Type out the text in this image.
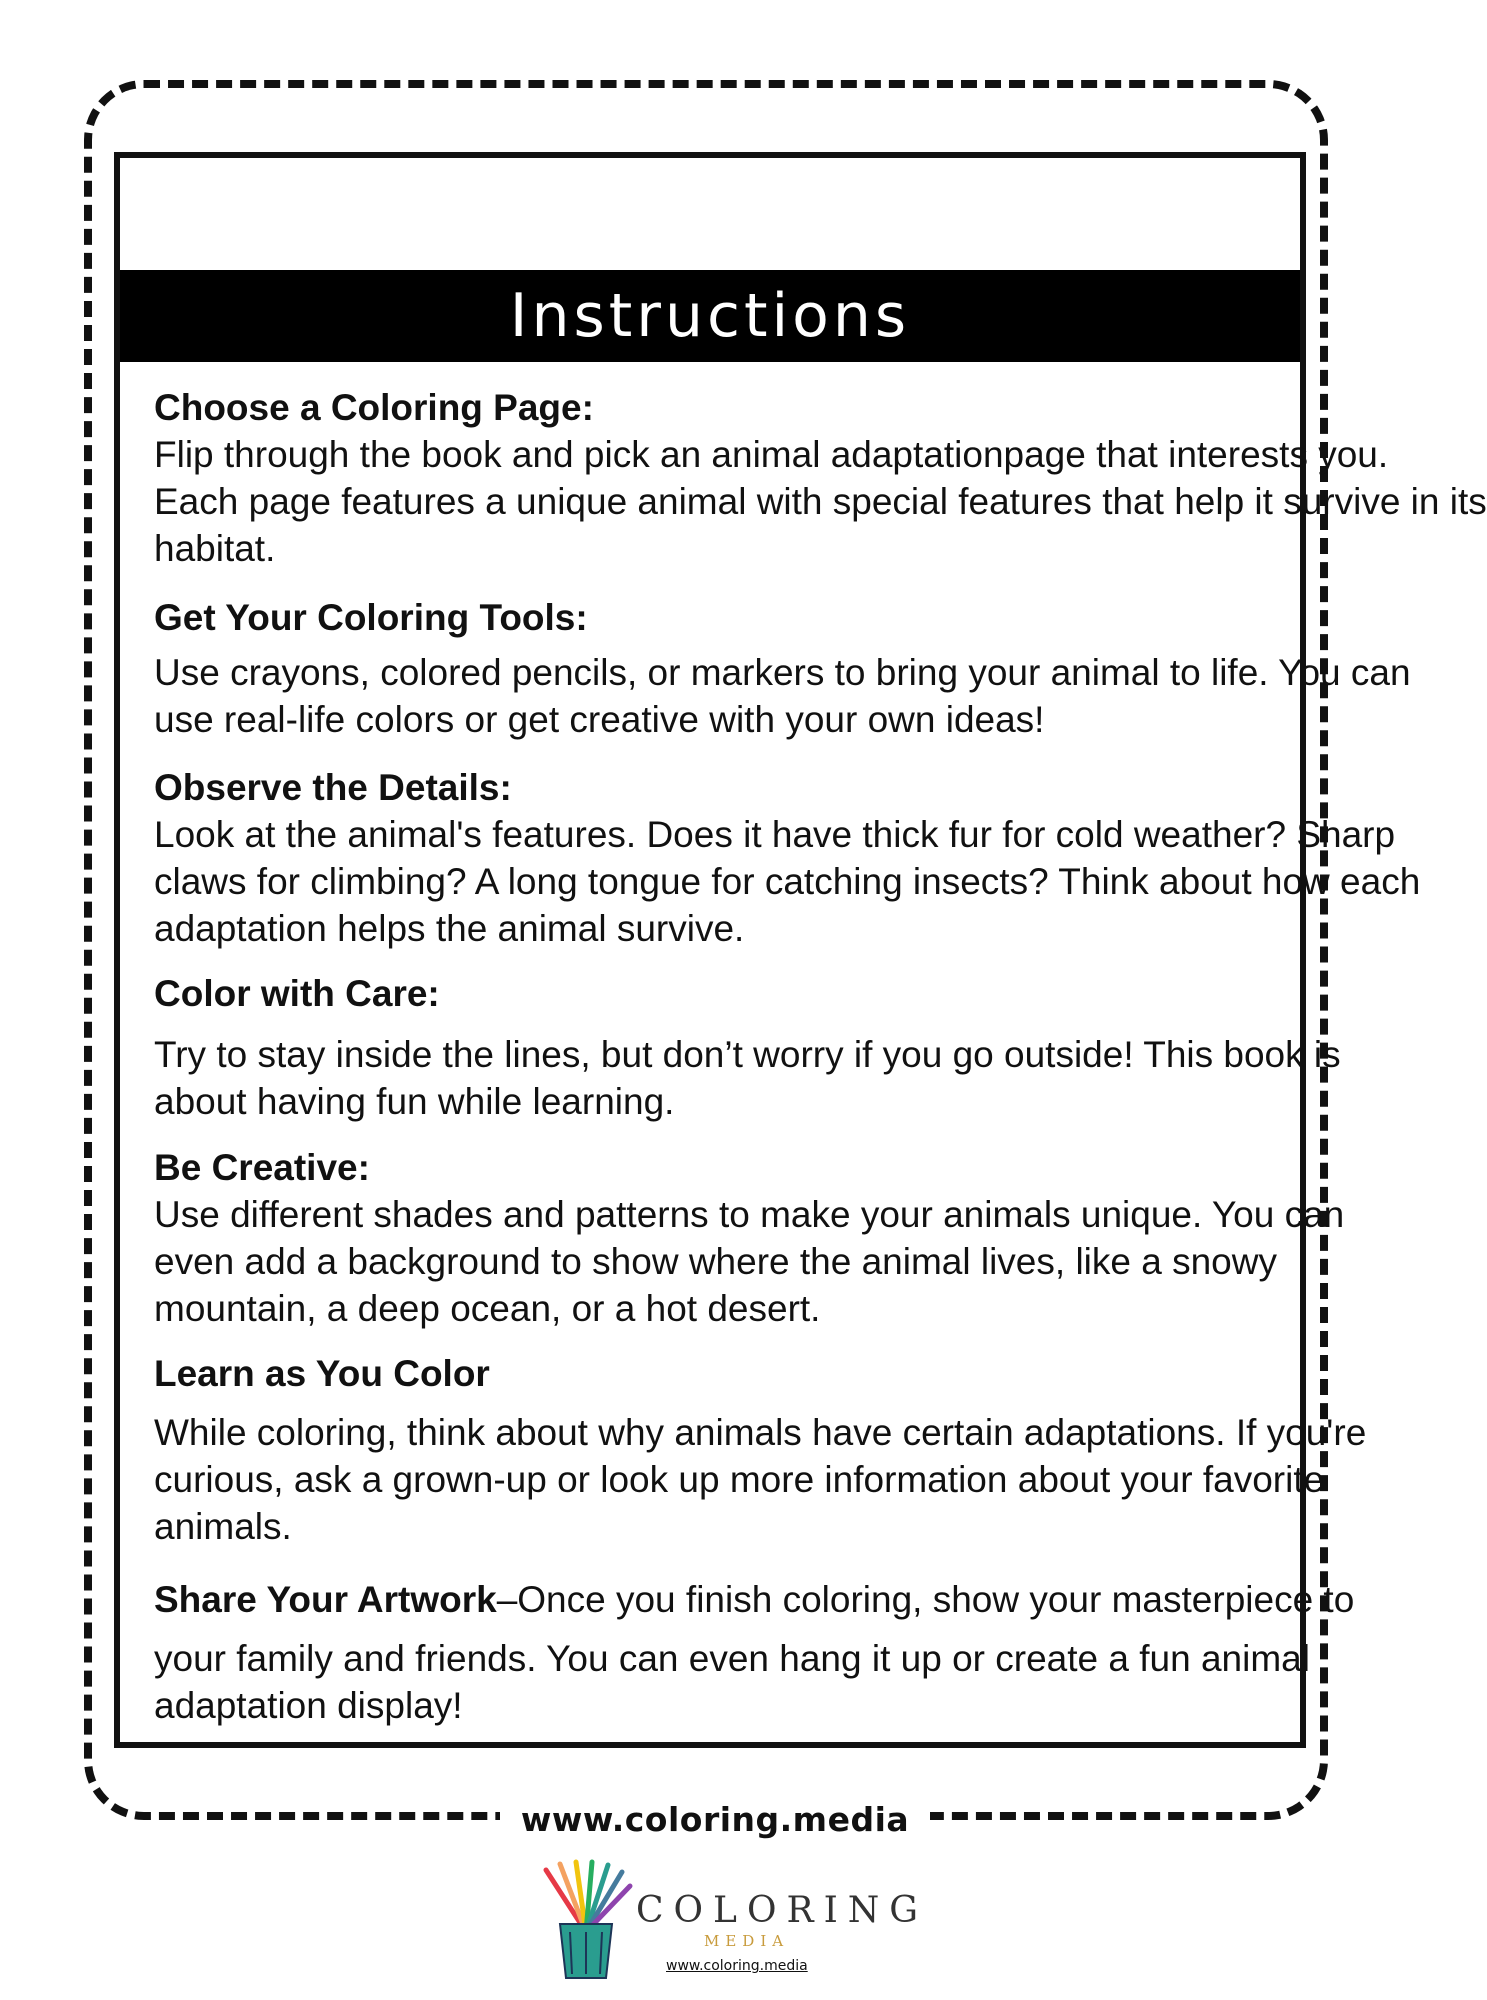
www.coloring.media
Instructions

Choose a Coloring Page:

Flip through the book and pick an animal adaptationpage that interests you.

Each page features a unique animal with special features that help it survive in its

habitat.

Get Your Coloring Tools:

Use crayons, colored pencils, or markers to bring your animal to life. You can

use real-life colors or get creative with your own ideas!

Observe the Details:

Look at the animal's features. Does it have thick fur for cold weather? Sharp

claws for climbing? A long tongue for catching insects? Think about how each

adaptation helps the animal survive.

Color with Care:

Try to stay inside the lines, but don’t worry if you go outside! This book is

about having fun while learning.

Be Creative:

Use different shades and patterns to make your animals unique. You can

even add a background to show where the animal lives, like a snowy

mountain, a deep ocean, or a hot desert.

Learn as You Color

While coloring, think about why animals have certain adaptations. If you're

curious, ask a grown-up or look up more information about your favorite

animals.

Share Your Artwork–Once you finish coloring, show your masterpiece to

your family and friends. You can even hang it up or create a fun animal

adaptation display!

COLORING
MEDIA
www.coloring.media
